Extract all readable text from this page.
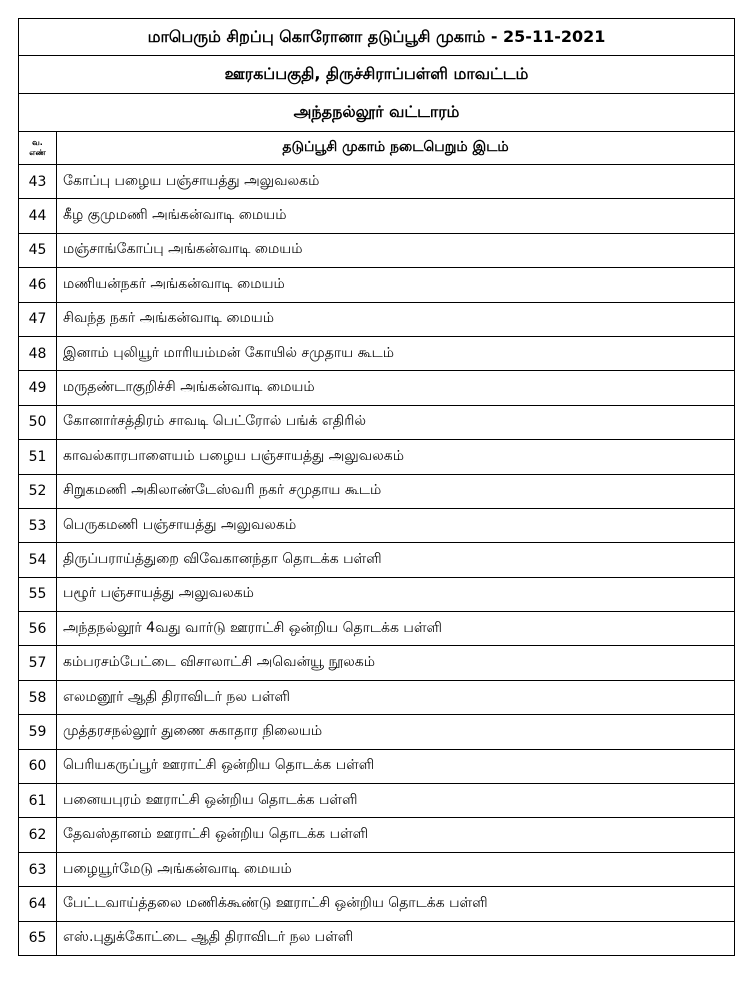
மாபெரும் சிறப்பு கொரோனா தடுப்பூசி முகாம் - 25-11-2021	
ஊரகப்பகுதி, திருச்சிராப்பள்ளி மாவட்டம்	
அந்தநல்லூர் வட்டாரம்	

வ.
எண்	தடுப்பூசி முகாம் நடைபெறும் இடம்
43	கோப்பு பழைய பஞ்சாயத்து அலுவலகம்
44	கீழ குமுமணி அங்கன்வாடி மையம்
45	மஞ்சாங்கோப்பு அங்கன்வாடி மையம்
46	மணியன்நகர் அங்கன்வாடி மையம்
47	சிவந்த நகர் அங்கன்வாடி மையம்
48	இனாம் புலியூர் மாரியம்மன் கோயில் சமுதாய கூடம்
49	மருதண்டாகுறிச்சி அங்கன்வாடி மையம்
50	கோனார்சத்திரம் சாவடி பெட்ரோல் பங்க் எதிரில்
51	காவல்காரபாளையம் பழைய பஞ்சாயத்து அலுவலகம்
52	சிறுகமணி அகிலாண்டேஸ்வரி நகர் சமுதாய கூடம்
53	பெருகமணி பஞ்சாயத்து அலுவலகம்
54	திருப்பராய்த்துறை விவேகானந்தா தொடக்க பள்ளி
55	பழூர் பஞ்சாயத்து அலுவலகம்
56	அந்தநல்லூர் 4வது வார்டு ஊராட்சி ஒன்றிய தொடக்க பள்ளி
57	கம்பரசம்பேட்டை விசாலாட்சி அவென்யூ நூலகம்
58	எலமனூர் ஆதி திராவிடர் நல பள்ளி
59	முத்தரசநல்லூர் துணை சுகாதார நிலையம்
60	பெரியகருப்பூர் ஊராட்சி ஒன்றிய தொடக்க பள்ளி
61	பனையபுரம் ஊராட்சி ஒன்றிய தொடக்க பள்ளி
62	தேவஸ்தானம் ஊராட்சி ஒன்றிய தொடக்க பள்ளி
63	பழையூர்மேடு அங்கன்வாடி மையம்
64	பேட்டவாய்த்தலை மணிக்கூண்டு ஊராட்சி ஒன்றிய தொடக்க பள்ளி
65	எஸ்.புதுக்கோட்டை ஆதி திராவிடர் நல பள்ளி
